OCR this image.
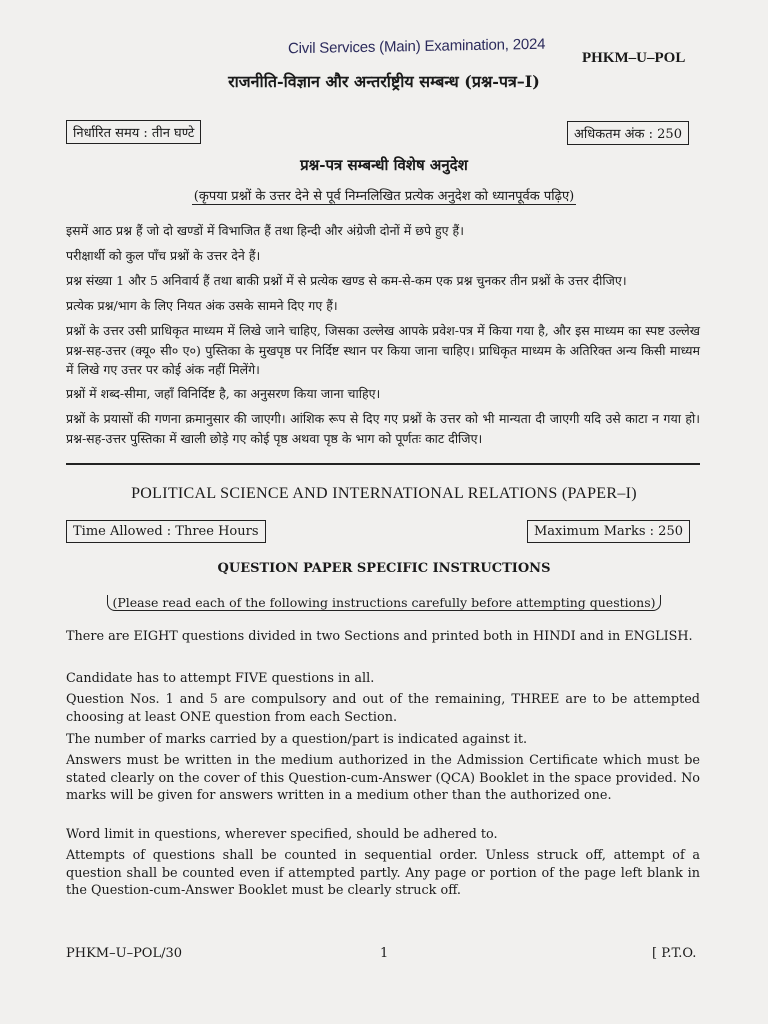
Civil Services (Main) Examination, 2024
PHKM–U–POL
राजनीति-विज्ञान और अन्तर्राष्ट्रीय सम्बन्ध (प्रश्न-पत्र–I)
निर्धारित समय : तीन घण्टे	अधिकतम अंक : 250
प्रश्न-पत्र सम्बन्धी विशेष अनुदेश
(कृपया प्रश्नों के उत्तर देने से पूर्व निम्नलिखित प्रत्येक अनुदेश को ध्यानपूर्वक पढ़िए)

इसमें आठ प्रश्न हैं जो दो खण्डों में विभाजित हैं तथा हिन्दी और अंग्रेजी दोनों में छपे हुए हैं।

परीक्षार्थी को कुल पाँच प्रश्नों के उत्तर देने हैं।

प्रश्न संख्या 1 और 5 अनिवार्य हैं तथा बाकी प्रश्नों में से प्रत्येक खण्ड से कम-से-कम एक प्रश्न चुनकर तीन प्रश्नों के उत्तर दीजिए।

प्रत्येक प्रश्न/भाग के लिए नियत अंक उसके सामने दिए गए हैं।

प्रश्नों के उत्तर उसी प्राधिकृत माध्यम में लिखे जाने चाहिए, जिसका उल्लेख आपके प्रवेश-पत्र में किया गया है, और इस माध्यम का स्पष्ट उल्लेख प्रश्न-सह-उत्तर (क्यू० सी० ए०) पुस्तिका के मुखपृष्ठ पर निर्दिष्ट स्थान पर किया जाना चाहिए। प्राधिकृत माध्यम के अतिरिक्त अन्य किसी माध्यम में लिखे गए उत्तर पर कोई अंक नहीं मिलेंगे।

प्रश्नों में शब्द-सीमा, जहाँ विनिर्दिष्ट है, का अनुसरण किया जाना चाहिए।

प्रश्नों के प्रयासों की गणना क्रमानुसार की जाएगी। आंशिक रूप से दिए गए प्रश्नों के उत्तर को भी मान्यता दी जाएगी यदि उसे काटा न गया हो। प्रश्न-सह-उत्तर पुस्तिका में खाली छोड़े गए कोई पृष्ठ अथवा पृष्ठ के भाग को पूर्णतः काट दीजिए।

POLITICAL SCIENCE AND INTERNATIONAL RELATIONS (PAPER–I)
Time Allowed : Three Hours	Maximum Marks : 250
QUESTION PAPER SPECIFIC INSTRUCTIONS
(Please read each of the following instructions carefully before attempting questions)

There are EIGHT questions divided in two Sections and printed both in HINDI and in ENGLISH.

Candidate has to attempt FIVE questions in all.

Question Nos. 1 and 5 are compulsory and out of the remaining, THREE are to be attempted choosing at least ONE question from each Section.

The number of marks carried by a question/part is indicated against it.

Answers must be written in the medium authorized in the Admission Certificate which must be stated clearly on the cover of this Question-cum-Answer (QCA) Booklet in the space provided. No marks will be given for answers written in a medium other than the authorized one.

Word limit in questions, wherever specified, should be adhered to.

Attempts of questions shall be counted in sequential order. Unless struck off, attempt of a question shall be counted even if attempted partly. Any page or portion of the page left blank in the Question-cum-Answer Booklet must be clearly struck off.

PHKM–U–POL/30	1	[ P.T.O.
